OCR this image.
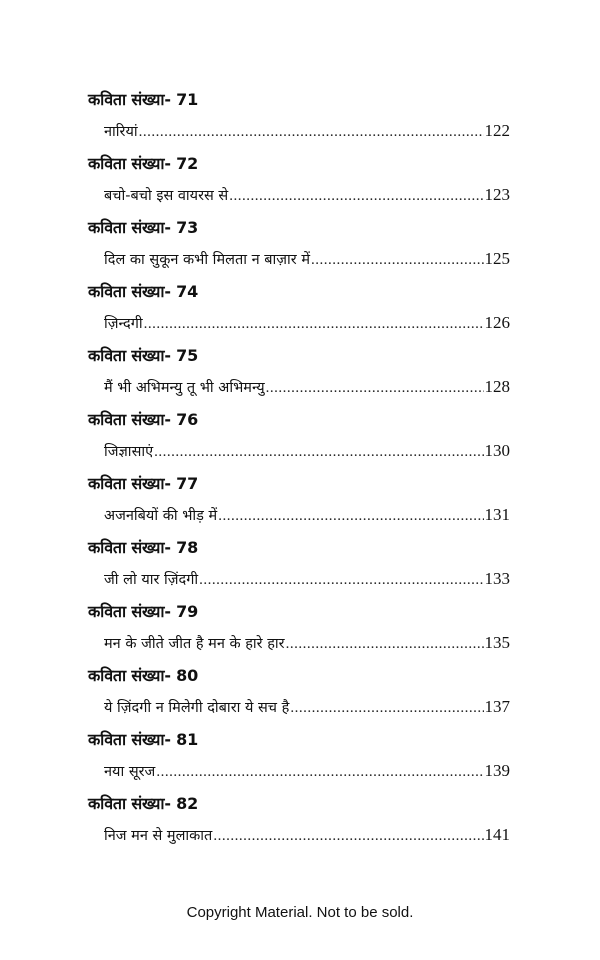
कविता संख्या- 71
नारियां .....	122
कविता संख्या- 72
बचो-बचो इस वायरस से .....	123
कविता संख्या- 73
दिल का सुकून कभी मिलता न बाज़ार में .....	125
कविता संख्या- 74
ज़िन्दगी .....	126
कविता संख्या- 75
मैं भी अभिमन्यु तू भी अभिमन्यु .....	128
कविता संख्या- 76
जिज्ञासाएं .....	130
कविता संख्या- 77
अजनबियों की भीड़ में .....	131
कविता संख्या- 78
जी लो यार ज़िंदगी .....	133
कविता संख्या- 79
मन के जीते जीत है मन के हारे हार .....	135
कविता संख्या- 80
ये ज़िंदगी न मिलेगी दोबारा ये सच है .....	137
कविता संख्या- 81
नया सूरज .....	139
कविता संख्या- 82
निज मन से मुलाकात .....	141
Copyright Material. Not to be sold.
